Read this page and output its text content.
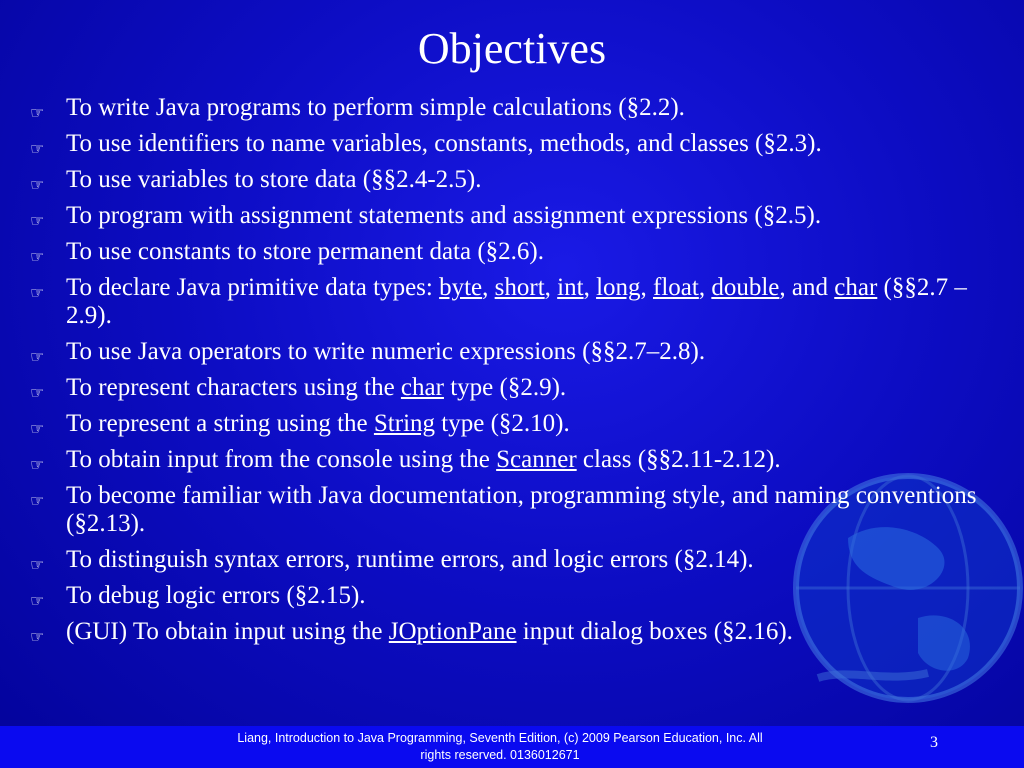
Objectives
☞ To write Java programs to perform simple calculations (§2.2).
☞ To use identifiers to name variables, constants, methods, and classes (§2.3).
☞ To use variables to store data (§§2.4-2.5).
☞ To program with assignment statements and assignment expressions (§2.5).
☞ To use constants to store permanent data (§2.6).
☞ To declare Java primitive data types: byte, short, int, long, float, double, and char (§§2.7 – 2.9).
☞ To use Java operators to write numeric expressions (§§2.7–2.8).
☞ To represent characters using the char type (§2.9).
☞ To represent a string using the String type (§2.10).
☞ To obtain input from the console using the Scanner class (§§2.11-2.12).
☞ To become familiar with Java documentation, programming style, and naming conventions (§2.13).
☞ To distinguish syntax errors, runtime errors, and logic errors (§2.14).
☞ To debug logic errors (§2.15).
☞ (GUI) To obtain input using the JOptionPane input dialog boxes (§2.16).
Liang, Introduction to Java Programming, Seventh Edition, (c) 2009 Pearson Education, Inc. All
rights reserved. 0136012671
3
